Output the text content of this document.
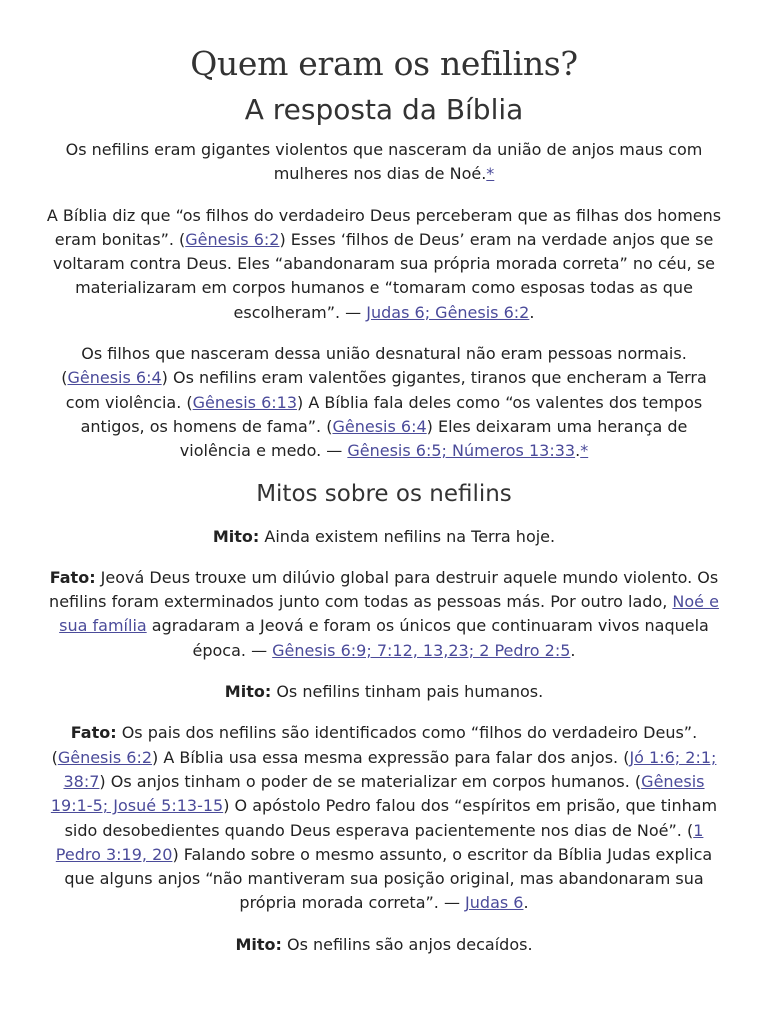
Quem eram os nefilins?
A resposta da Bíblia

Os nefilins eram gigantes violentos que nasceram da união de anjos maus com mulheres nos dias de Noé.*

A Bíblia diz que “os filhos do verdadeiro Deus perceberam que as filhas dos homens eram bonitas”. (Gênesis 6:2) Esses ‘filhos de Deus’ eram na verdade anjos que se voltaram contra Deus. Eles “abandonaram sua própria morada correta” no céu, se materializaram em corpos humanos e “tomaram como esposas todas as que escolheram”. — Judas 6; Gênesis 6:2.

Os filhos que nasceram dessa união desnatural não eram pessoas normais. (Gênesis 6:4) Os nefilins eram valentões gigantes, tiranos que encheram a Terra com violência. (Gênesis 6:13) A Bíblia fala deles como “os valentes dos tempos antigos, os homens de fama”. (Gênesis 6:4) Eles deixaram uma herança de violência e medo. — Gênesis 6:5; Números 13:33.*

Mitos sobre os nefilins

Mito: Ainda existem nefilins na Terra hoje.

Fato: Jeová Deus trouxe um dilúvio global para destruir aquele mundo violento. Os nefilins foram exterminados junto com todas as pessoas más. Por outro lado, Noé e sua família agradaram a Jeová e foram os únicos que continuaram vivos naquela época. — Gênesis 6:9; 7:12, 13,23; 2 Pedro 2:5.

Mito: Os nefilins tinham pais humanos.

Fato: Os pais dos nefilins são identificados como “filhos do verdadeiro Deus”. (Gênesis 6:2) A Bíblia usa essa mesma expressão para falar dos anjos. (Jó 1:6; 2:1; 38:7) Os anjos tinham o poder de se materializar em corpos humanos. (Gênesis 19:1-5; Josué 5:13-15) O apóstolo Pedro falou dos “espíritos em prisão, que tinham sido desobedientes quando Deus esperava pacientemente nos dias de Noé”. (1 Pedro 3:19, 20) Falando sobre o mesmo assunto, o escritor da Bíblia Judas explica que alguns anjos “não mantiveram sua posição original, mas abandonaram sua própria morada correta”. — Judas 6.

Mito: Os nefilins são anjos decaídos.
